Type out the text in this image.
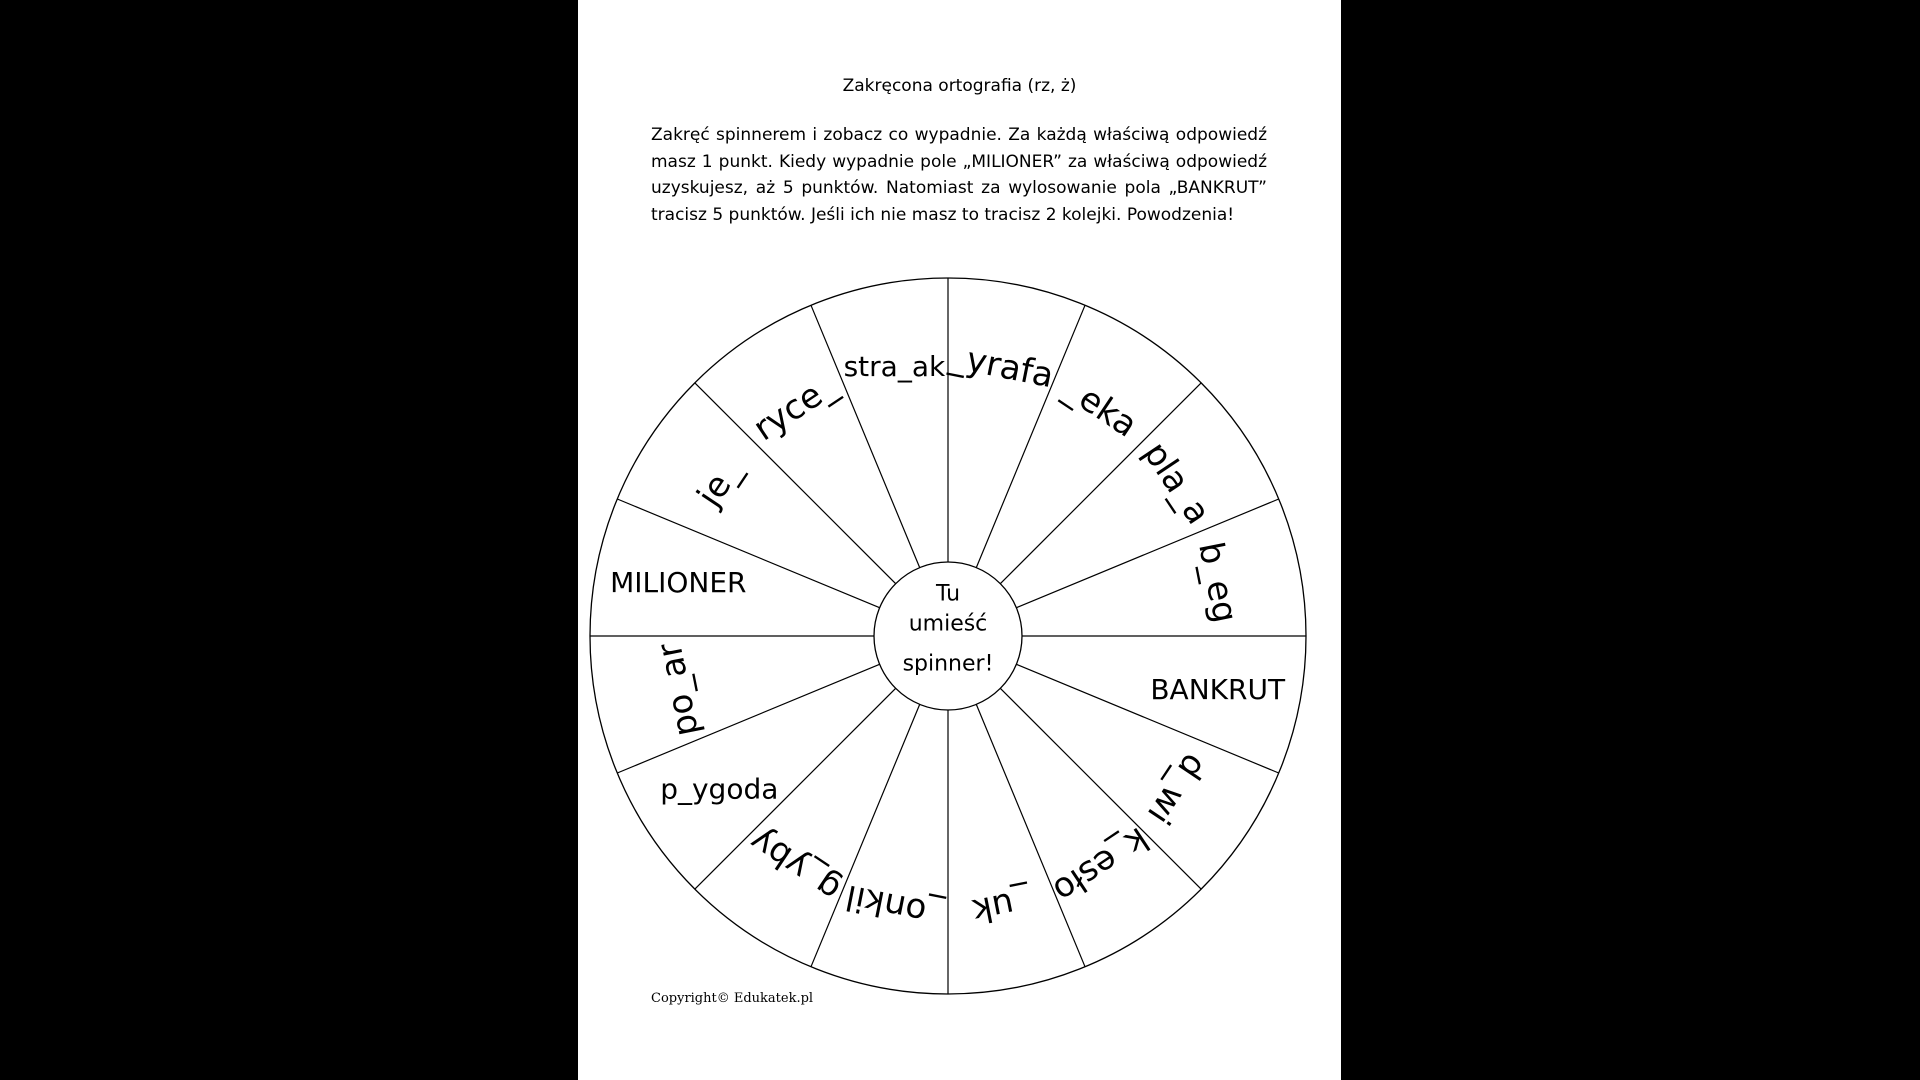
Zakręcona ortografia (rz, ż)

Zakręć spinnerem i zobacz co wypadnie. Za każdą właściwą odpowiedź masz 1 punkt. Kiedy wypadnie pole „MILIONER” za właściwą odpowiedź uzyskujesz, aż 5 punktów. Natomiast za wylosowanie pola „BANKRUT” tracisz 5 punktów. Jeśli ich nie masz to tracisz 2 kolejki. Powodzenia!

_yrafa
_eka
pla_a
b_eg
BANKRUT
d_wi
k_esło
_uk
_onkil
g_yby
p_ygoda
po_ar
MILIONER
je_
ryce_ stra_ak
Tu
umieść
spinner!
Copyright© Edukatek.pl
